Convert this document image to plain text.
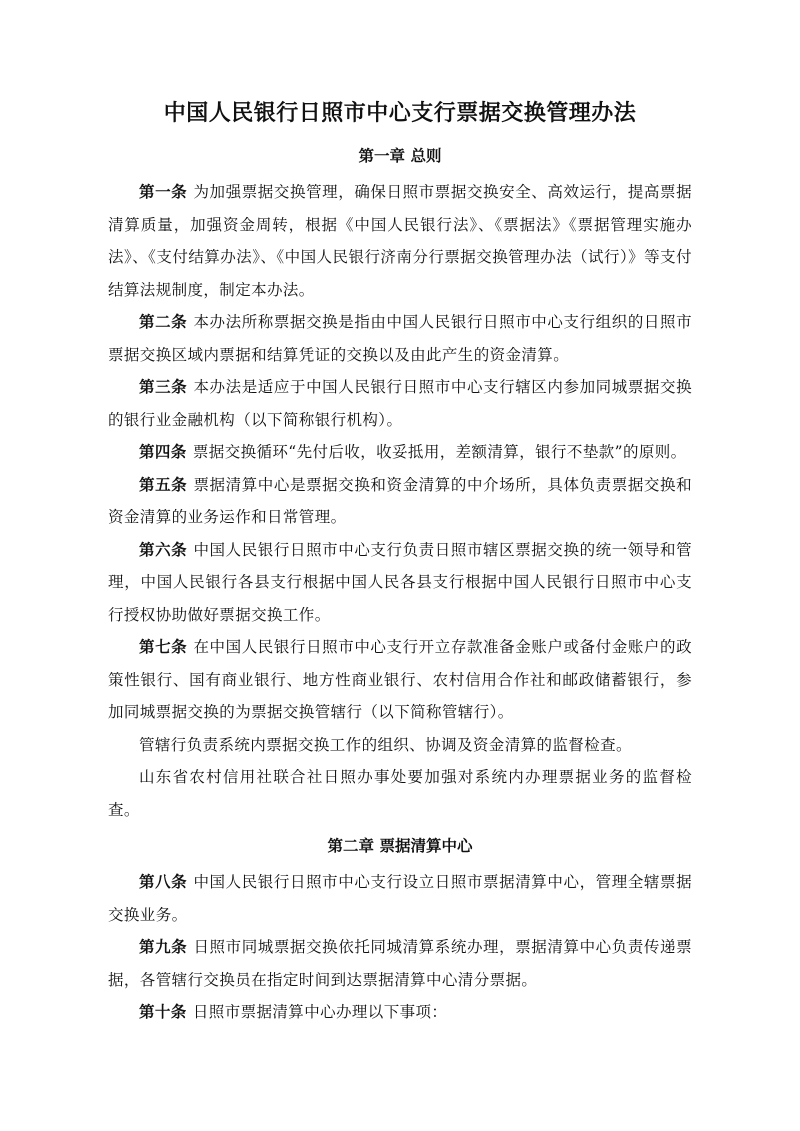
中国人民银行日照市中心支行票据交换管理办法
第一章 总则

第一条 为加强票据交换管理，确保日照市票据交换安全、高效运行，提高票据清算质量，加强资金周转，根据《中国人民银行法》、《票据法》《票据管理实施办法》、《支付结算办法》、《中国人民银行济南分行票据交换管理办法（试行）》等支付结算法规制度，制定本办法。

第二条 本办法所称票据交换是指由中国人民银行日照市中心支行组织的日照市票据交换区域内票据和结算凭证的交换以及由此产生的资金清算。

第三条 本办法是适应于中国人民银行日照市中心支行辖区内参加同城票据交换的银行业金融机构（以下简称银行机构）。

第四条 票据交换循环“先付后收，收妥抵用，差额清算，银行不垫款”的原则。

第五条 票据清算中心是票据交换和资金清算的中介场所，具体负责票据交换和资金清算的业务运作和日常管理。

第六条 中国人民银行日照市中心支行负责日照市辖区票据交换的统一领导和管理，中国人民银行各县支行根据中国人民各县支行根据中国人民银行日照市中心支行授权协助做好票据交换工作。

第七条 在中国人民银行日照市中心支行开立存款准备金账户或备付金账户的政策性银行、国有商业银行、地方性商业银行、农村信用合作社和邮政储蓄银行，参加同城票据交换的为票据交换管辖行（以下简称管辖行）。

管辖行负责系统内票据交换工作的组织、协调及资金清算的监督检查。

山东省农村信用社联合社日照办事处要加强对系统内办理票据业务的监督检查。

第二章 票据清算中心

第八条 中国人民银行日照市中心支行设立日照市票据清算中心，管理全辖票据交换业务。

第九条 日照市同城票据交换依托同城清算系统办理，票据清算中心负责传递票据，各管辖行交换员在指定时间到达票据清算中心清分票据。

第十条 日照市票据清算中心办理以下事项：
